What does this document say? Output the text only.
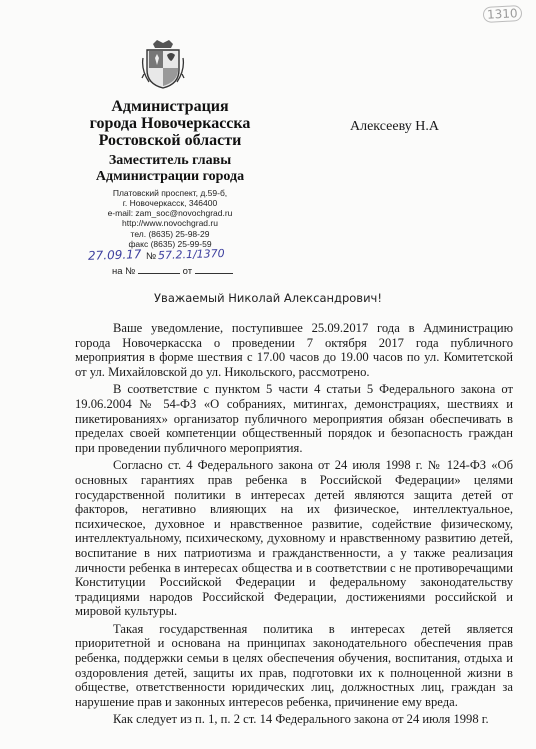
1310
Администрация
города Новочеркасска
Ростовской области
Заместитель главы
Администрации города
Платовский проспект, д.59-б,
г. Новочеркасск, 346400
e-mail: zam_soc@novochgrad.ru
http://www.novochgrad.ru
тел. (8635) 25-98-29
факс (8635) 25-99-59
27.09.17 № 57.2.1/1370
на №	от
Алексееву Н.А
Уважаемый Николай Александрович!

Ваше уведомление, поступившее 25.09.2017 года в Администрацию города Новочеркасска о проведении 7 октября 2017 года публичного мероприятия в форме шествия с 17.00 часов до 19.00 часов по ул. Комитетской от ул. Михайловской до ул. Никольского, рассмотрено.

В соответствие с пунктом 5 части 4 статьи 5 Федерального закона от 19.06.2004 № 54-ФЗ «О собраниях, митингах, демонстрациях, шествиях и пикетированиях» организатор публичного мероприятия обязан обеспечивать в пределах своей компетенции общественный порядок и безопасность граждан при проведении публичного мероприятия.

Согласно ст. 4 Федерального закона от 24 июля 1998 г. № 124-ФЗ «Об основных гарантиях прав ребенка в Российской Федерации» целями государственной политики в интересах детей являются защита детей от факторов, негативно влияющих на их физическое, интеллектуальное, психическое, духовное и нравственное развитие, содействие физическому, интеллектуальному, психическому, духовному и нравственному развитию детей, воспитание в них патриотизма и гражданственности, а у также реализация личности ребенка в интересах общества и в соответствии с не противоречащими Конституции Российской Федерации и федеральному законодательству традициями народов Российской Федерации, достижениями российской и мировой культуры.

Такая государственная политика в интересах детей является приоритетной и основана на принципах законодательного обеспечения прав ребенка, поддержки семьи в целях обеспечения обучения, воспитания, отдыха и оздоровления детей, защиты их прав, подготовки их к полноценной жизни в обществе, ответственности юридических лиц, должностных лиц, граждан за нарушение прав и законных интересов ребенка, причинение ему вреда.

Как следует из п. 1, п. 2 ст. 14 Федерального закона от 24 июля 1998 г.
